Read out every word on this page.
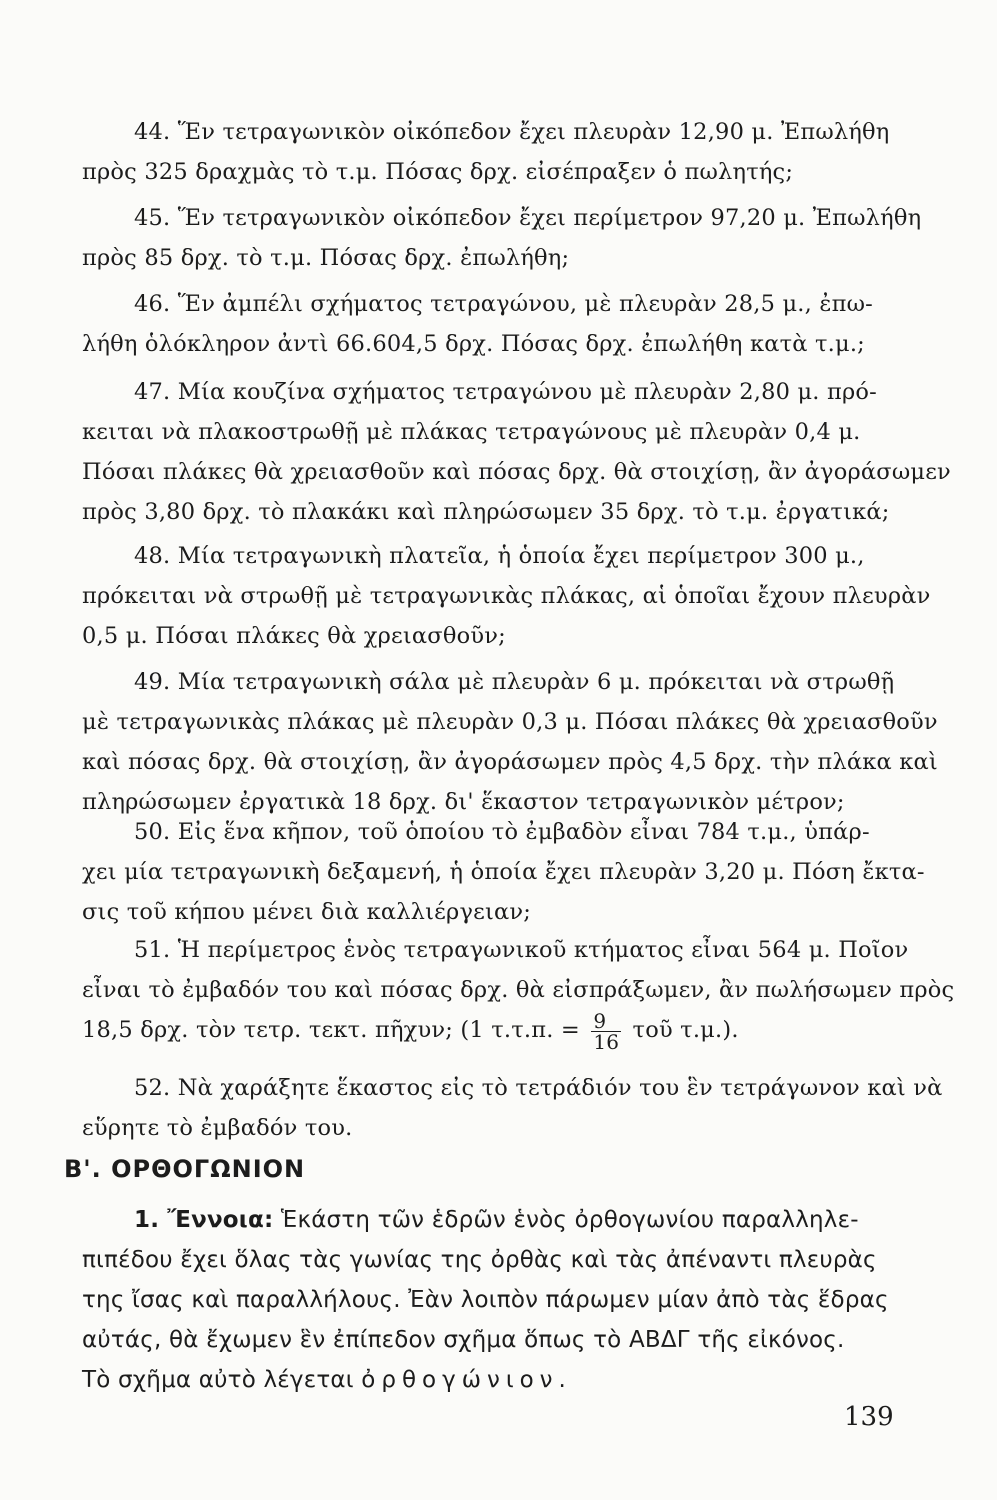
44. Ἕν τετραγωνικὸν οἰκόπεδον ἔχει πλευρὰν 12,90 μ. Ἐπωλήθη
πρὸς 325 δραχμὰς τὸ τ.μ. Πόσας δρχ. εἰσέπραξεν ὁ πωλητής;

45. Ἕν τετραγωνικὸν οἰκόπεδον ἔχει περίμετρον 97,20 μ. Ἐπωλήθη
πρὸς 85 δρχ. τὸ τ.μ. Πόσας δρχ. ἐπωλήθη;

46. Ἕν ἀμπέλι σχήματος τετραγώνου, μὲ πλευρὰν 28,5 μ., ἐπω-
λήθη ὁλόκληρον ἀντὶ 66.604,5 δρχ. Πόσας δρχ. ἐπωλήθη κατὰ τ.μ.;

47. Μία κουζίνα σχήματος τετραγώνου μὲ πλευρὰν 2,80 μ. πρό-
κειται νὰ πλακοστρωθῇ μὲ πλάκας τετραγώνους μὲ πλευρὰν 0,4 μ.
Πόσαι πλάκες θὰ χρειασθοῦν καὶ πόσας δρχ. θὰ στοιχίσῃ, ἂν ἀγοράσωμεν
πρὸς 3,80 δρχ. τὸ πλακάκι καὶ πληρώσωμεν 35 δρχ. τὸ τ.μ. ἐργατικά;

48. Μία τετραγωνικὴ πλατεῖα, ἡ ὁποία ἔχει περίμετρον 300 μ.,
πρόκειται νὰ στρωθῇ μὲ τετραγωνικὰς πλάκας, αἱ ὁποῖαι ἔχουν πλευρὰν
0,5 μ. Πόσαι πλάκες θὰ χρειασθοῦν;

49. Μία τετραγωνικὴ σάλα μὲ πλευρὰν 6 μ. πρόκειται νὰ στρωθῇ
μὲ τετραγωνικὰς πλάκας μὲ πλευρὰν 0,3 μ. Πόσαι πλάκες θὰ χρειασθοῦν
καὶ πόσας δρχ. θὰ στοιχίσῃ, ἂν ἀγοράσωμεν πρὸς 4,5 δρχ. τὴν πλάκα καὶ
πληρώσωμεν ἐργατικὰ 18 δρχ. δι' ἕκαστον τετραγωνικὸν μέτρον;

50. Εἰς ἕνα κῆπον, τοῦ ὁποίου τὸ ἐμβαδὸν εἶναι 784 τ.μ., ὑπάρ-
χει μία τετραγωνικὴ δεξαμενή, ἡ ὁποία ἔχει πλευρὰν 3,20 μ. Πόση ἔκτα-
σις τοῦ κήπου μένει διὰ καλλιέργειαν;

51. Ἡ περίμετρος ἑνὸς τετραγωνικοῦ κτήματος εἶναι 564 μ. Ποῖον
εἶναι τὸ ἐμβαδόν του καὶ πόσας δρχ. θὰ εἰσπράξωμεν, ἂν πωλήσωμεν πρὸς
18,5 δρχ. τὸν τετρ. τεκτ. πῆχυν; (1 τ.τ.π. = $\frac{9}{16}$ τοῦ τ.μ.).

52. Νὰ χαράξητε ἕκαστος εἰς τὸ τετράδιόν του ἓν τετράγωνον καὶ νὰ
εὕρητε τὸ ἐμβαδόν του.

Β'. ΟΡΘΟΓΩΝΙΟΝ

1. Ἔννοια: Ἑκάστη τῶν ἑδρῶν ἑνὸς ὀρθογωνίου παραλληλε-
πιπέδου ἔχει ὅλας τὰς γωνίας της ὀρθὰς καὶ τὰς ἀπέναντι πλευρὰς
της ἴσας καὶ παραλλήλους. Ἐὰν λοιπὸν πάρωμεν μίαν ἀπὸ τὰς ἕδρας
αὐτάς, θὰ ἔχωμεν ἓν ἐπίπεδον σχῆμα ὅπως τὸ ΑΒΔΓ τῆς εἰκόνος.
Τὸ σχῆμα αὐτὸ λέγεται ὀρθογώνιον.

139
